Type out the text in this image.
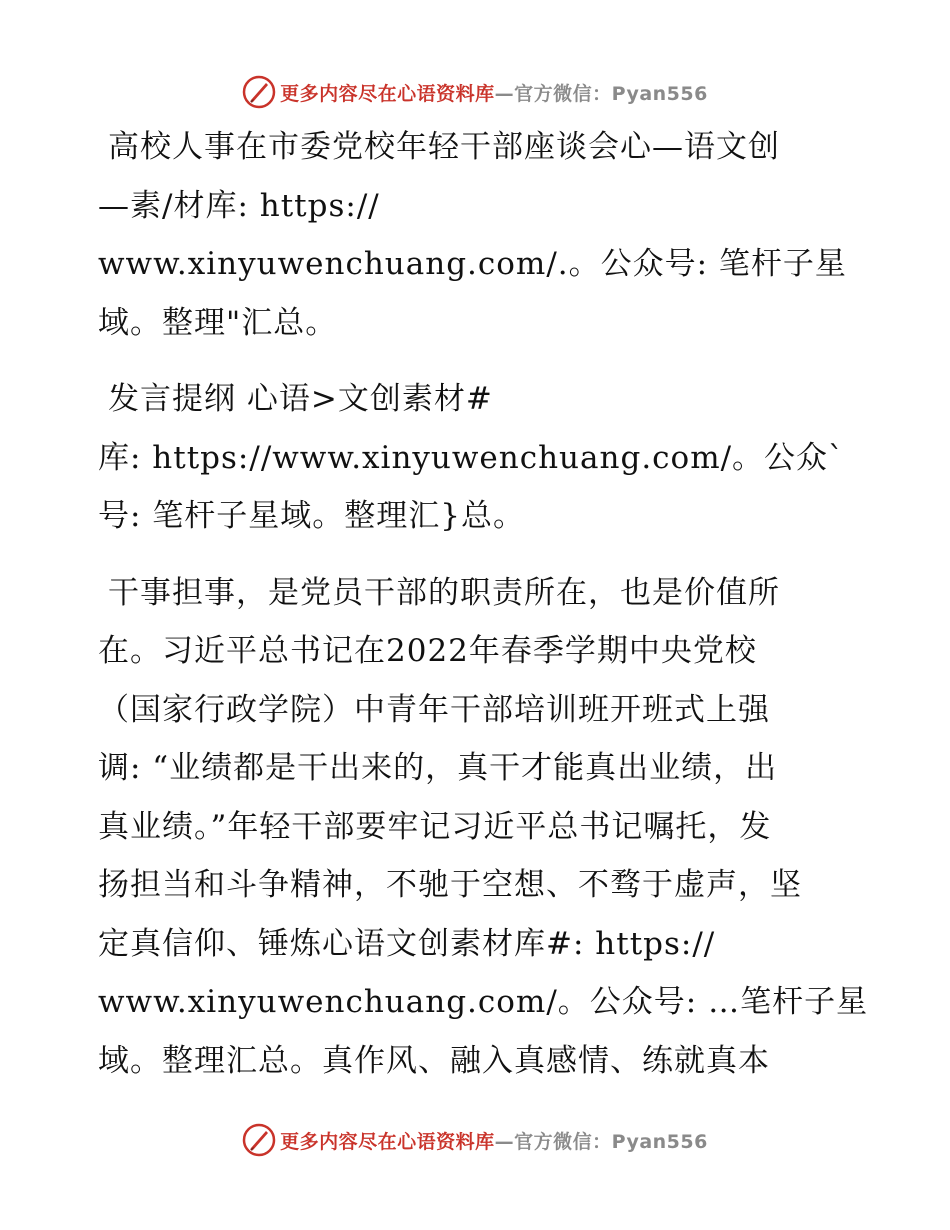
更多内容尽在心语资料库—官方微信：Pyan556

高校人事在市委党校年轻干部座谈会心—语文创
—素/材库: https://
www.xinyuwenchuang.com/.。公众号: 笔杆子星
域。整理"汇总。

发言提纲 心语>文创素材#
库: https://www.xinyuwenchuang.com/。公众`
号: 笔杆子星域。整理汇}总。

干事担事，是党员干部的职责所在，也是价值所
在。习近平总书记在2022年春季学期中央党校
（国家行政学院）中青年干部培训班开班式上强
调: “业绩都是干出来的，真干才能真出业绩，出
真业绩。”年轻干部要牢记习近平总书记嘱托，发
扬担当和斗争精神，不驰于空想、不骛于虚声，坚
定真信仰、锤炼心语文创素材库#: https://
www.xinyuwenchuang.com/。公众号: …笔杆子星
域。整理汇总。真作风、融入真感情、练就真本

更多内容尽在心语资料库—官方微信：Pyan556
